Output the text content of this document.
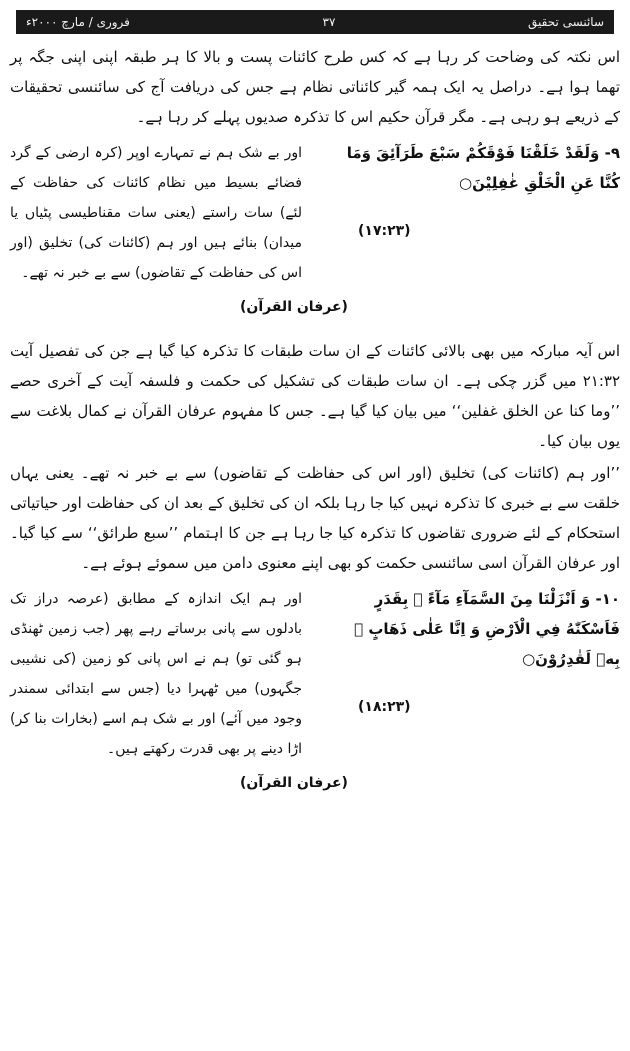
سائنسی تحقیق
۳۷
فروری / مارچ ۲۰۰۰ء

اس نکتہ کی وضاحت کر رہا ہے کہ کس طرح کائنات پست و بالا کا ہر طبقہ اپنی اپنی جگہ پر تھما ہوا ہے۔ دراصل یہ ایک ہمہ گیر کائناتی نظام ہے جس کی دریافت آج کی سائنسی تحقیقات کے ذریعے ہو رہی ہے۔ مگر قرآن حکیم اس کا تذکرہ صدیوں پہلے کر رہا ہے۔

۹- وَلَقَدْ خَلَقْنَا فَوْقَكُمْ سَبْعَ طَرَآئِقَ وَمَا كُنَّا عَنِ الْخَلْقِ غٰفِلِيْنَ○
(۱۷:۲۳)
اور بے شک ہم نے تمہارے اوپر (کرہ ارضی کے گرد فضائے بسیط میں نظام کائنات کی حفاظت کے لئے) سات راستے (یعنی سات مقناطیسی پٹیاں یا میدان) بنائے ہیں اور ہم (کائنات کی) تخلیق (اور اس کی حفاظت کے تقاضوں) سے بے خبر نہ تھے۔
(عرفان القرآن)

اس آیہ مبارکہ میں بھی بالائی کائنات کے ان سات طبقات کا تذکرہ کیا گیا ہے جن کی تفصیل آیت ۲۱:۳۲ میں گزر چکی ہے۔ ان سات طبقات کی تشکیل کی حکمت و فلسفہ آیت کے آخری حصے ’’وما كنا عن الخلق غفلين‘‘ میں بیان کیا گیا ہے۔ جس کا مفہوم عرفان القرآن نے کمال بلاغت سے یوں بیان کیا۔

’’اور ہم (کائنات کی) تخلیق (اور اس کی حفاظت کے تقاضوں) سے بے خبر نہ تھے۔ یعنی یہاں خلقت سے بے خبری کا تذکرہ نہیں کیا جا رہا بلکہ ان کی تخلیق کے بعد ان کی حفاظت اور حیاتیاتی استحکام کے لئے ضروری تقاضوں کا تذکرہ کیا جا رہا ہے جن کا اہتمام ’’سبع طرائق‘‘ سے کیا گیا۔ اور عرفان القرآن اسی سائنسی حکمت کو بھی اپنے معنوی دامن میں سموئے ہوئے ہے۔

۱۰- وَ اَنْزَلْنَا مِنَ السَّمَآءِ مَآءً ۢ بِقَدَرٍ فَاَسْكَنّٰهُ فِي الْاَرْضِ وَ اِنَّا عَلٰى ذَهَابٍ ۢ بِهٖ لَقٰدِرُوْنَ○
(۱۸:۲۳)
اور ہم ایک اندازہ کے مطابق (عرصہ دراز تک بادلوں سے پانی برساتے رہے پھر (جب زمین ٹھنڈی ہو گئی تو) ہم نے اس پانی کو زمین (کی نشیبی جگہوں) میں ٹھہرا دیا (جس سے ابتدائی سمندر وجود میں آئے) اور بے شک ہم اسے (بخارات بنا کر) اڑا دینے پر بھی قدرت رکھتے ہیں۔
(عرفان القرآن)
